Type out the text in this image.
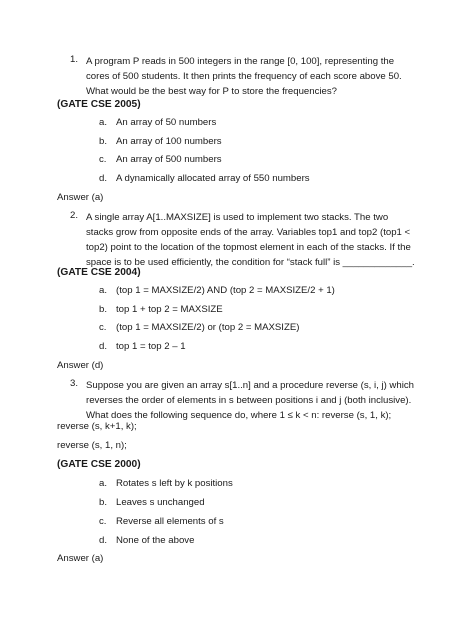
1. A program P reads in 500 integers in the range [0, 100], representing the cores of 500 students. It then prints the frequency of each score above 50. What would be the best way for P to store the frequencies?
(GATE CSE 2005)
a. An array of 50 numbers
b. An array of 100 numbers
c. An array of 500 numbers
d. A dynamically allocated array of 550 numbers
Answer (a)
2. A single array A[1..MAXSIZE] is used to implement two stacks. The two stacks grow from opposite ends of the array. Variables top1 and top2 (top1 < top2) point to the location of the topmost element in each of the stacks. If the space is to be used efficiently, the condition for “stack full” is _____________.
(GATE CSE 2004)
a. (top 1 = MAXSIZE/2) AND (top 2 = MAXSIZE/2 + 1)
b. top 1 + top 2 = MAXSIZE
c. (top 1 = MAXSIZE/2) or (top 2 = MAXSIZE)
d. top 1 = top 2 – 1
Answer (d)
3. Suppose you are given an array s[1..n] and a procedure reverse (s, i, j) which reverses the order of elements in s between positions i and j (both inclusive). What does the following sequence do, where 1 ≤ k < n: reverse (s, 1, k);
reverse (s, k+1, k);
reverse (s, 1, n);
(GATE CSE 2000)
a. Rotates s left by k positions
b. Leaves s unchanged
c. Reverse all elements of s
d. None of the above
Answer (a)
